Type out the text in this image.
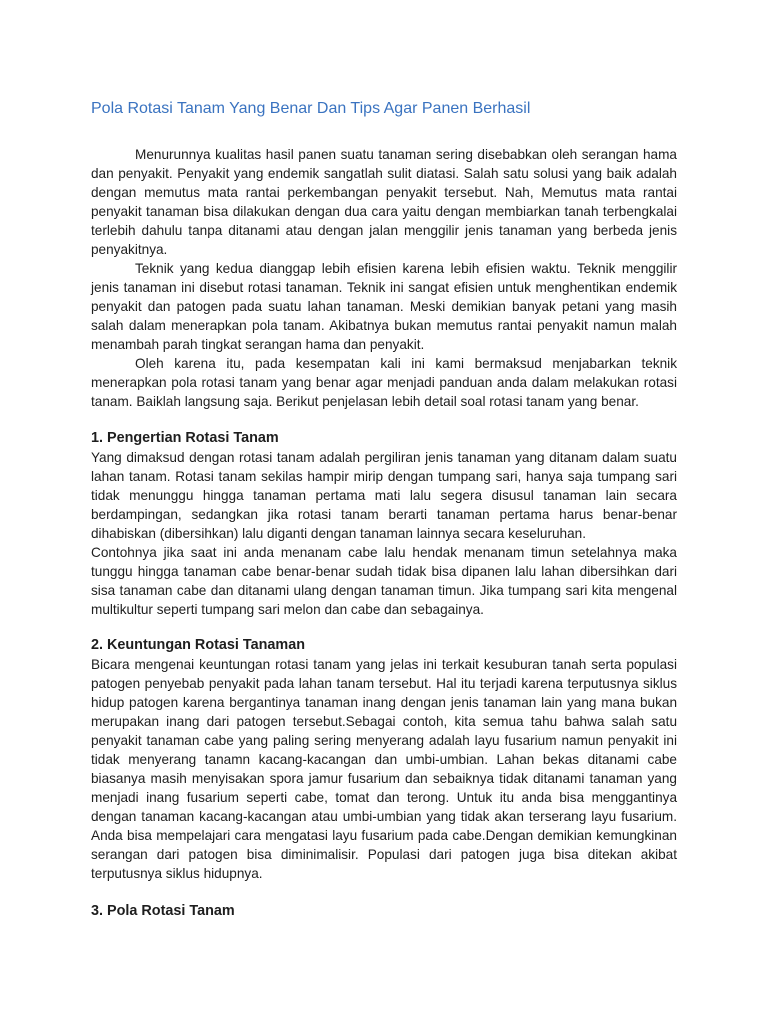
Pola Rotasi Tanam Yang Benar Dan Tips Agar Panen Berhasil

Menurunnya kualitas hasil panen suatu tanaman sering disebabkan oleh serangan hama dan penyakit. Penyakit yang endemik sangatlah sulit diatasi. Salah satu solusi yang baik adalah dengan memutus mata rantai perkembangan penyakit tersebut. Nah, Memutus mata rantai penyakit tanaman bisa dilakukan dengan dua cara yaitu dengan membiarkan tanah terbengkalai terlebih dahulu tanpa ditanami atau dengan jalan menggilir jenis tanaman yang berbeda jenis penyakitnya.

Teknik yang kedua dianggap lebih efisien karena lebih efisien waktu. Teknik menggilir jenis tanaman ini disebut rotasi tanaman. Teknik ini sangat efisien untuk menghentikan endemik penyakit dan patogen pada suatu lahan tanaman. Meski demikian banyak petani yang masih salah dalam menerapkan pola tanam. Akibatnya bukan memutus rantai penyakit namun malah menambah parah tingkat serangan hama dan penyakit.

Oleh karena itu, pada kesempatan kali ini kami bermaksud menjabarkan teknik menerapkan pola rotasi tanam yang benar agar menjadi panduan anda dalam melakukan rotasi tanam. Baiklah langsung saja. Berikut penjelasan lebih detail soal rotasi tanam yang benar.

1. Pengertian Rotasi Tanam

Yang dimaksud dengan rotasi tanam adalah pergiliran jenis tanaman yang ditanam dalam suatu lahan tanam. Rotasi tanam sekilas hampir mirip dengan tumpang sari, hanya saja tumpang sari tidak menunggu hingga tanaman pertama mati lalu segera disusul tanaman lain secara berdampingan, sedangkan jika rotasi tanam berarti tanaman pertama harus benar-benar dihabiskan (dibersihkan) lalu diganti dengan tanaman lainnya secara keseluruhan.

Contohnya jika saat ini anda menanam cabe lalu hendak menanam timun setelahnya maka tunggu hingga tanaman cabe benar-benar sudah tidak bisa dipanen lalu lahan dibersihkan dari sisa tanaman cabe dan ditanami ulang dengan tanaman timun. Jika tumpang sari kita mengenal multikultur seperti tumpang sari melon dan cabe dan sebagainya.

2. Keuntungan Rotasi Tanaman

Bicara mengenai keuntungan rotasi tanam yang jelas ini terkait kesuburan tanah serta populasi patogen penyebab penyakit pada lahan tanam tersebut. Hal itu terjadi karena terputusnya siklus hidup patogen karena bergantinya tanaman inang dengan jenis tanaman lain yang mana bukan merupakan inang dari patogen tersebut.Sebagai contoh, kita semua tahu bahwa salah satu penyakit tanaman cabe yang paling sering menyerang adalah layu fusarium namun penyakit ini tidak menyerang tanamn kacang-kacangan dan umbi-umbian. Lahan bekas ditanami cabe biasanya masih menyisakan spora jamur fusarium dan sebaiknya tidak ditanami tanaman yang menjadi inang fusarium seperti cabe, tomat dan terong. Untuk itu anda bisa menggantinya dengan tanaman kacang-kacangan atau umbi-umbian yang tidak akan terserang layu fusarium. Anda bisa mempelajari cara mengatasi layu fusarium pada cabe.Dengan demikian kemungkinan serangan dari patogen bisa diminimalisir. Populasi dari patogen juga bisa ditekan akibat terputusnya siklus hidupnya.

3. Pola Rotasi Tanam
